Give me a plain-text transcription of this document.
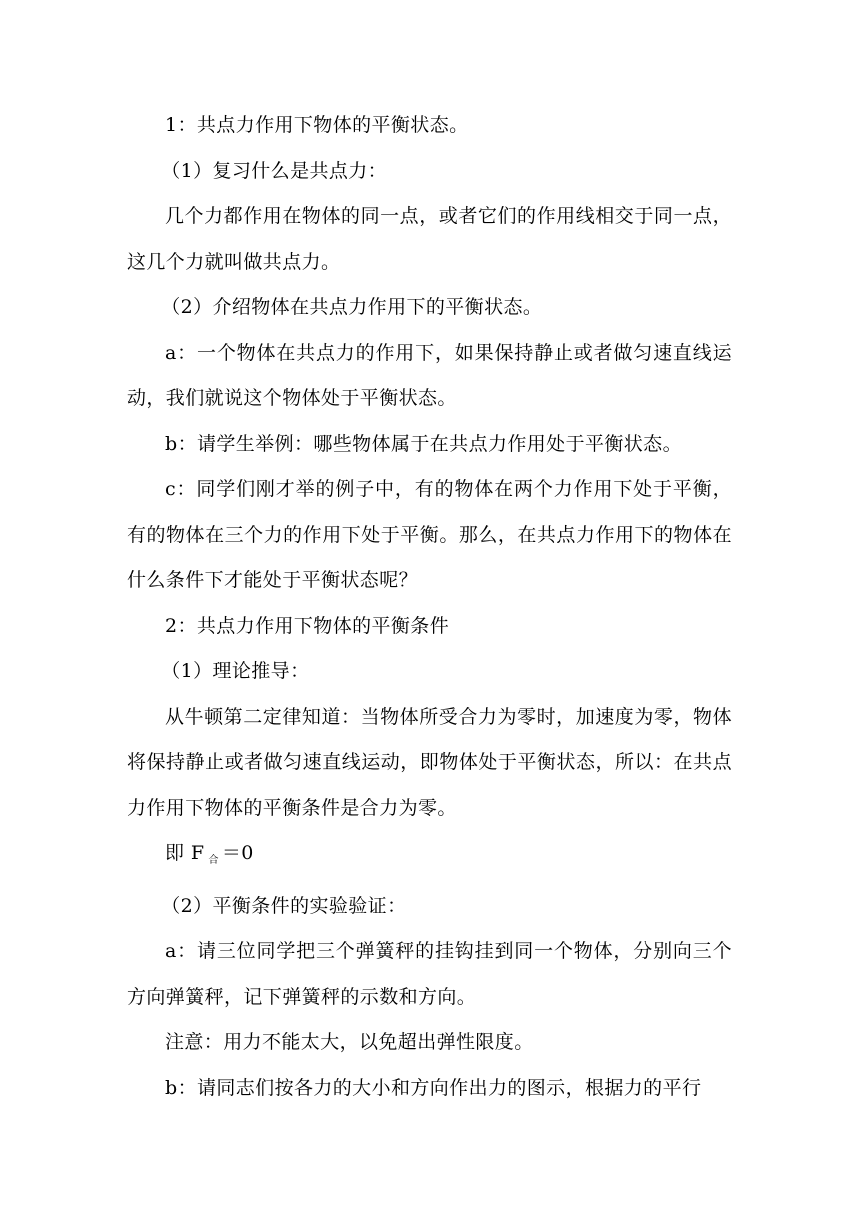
1：共点力作用下物体的平衡状态。

（1）复习什么是共点力：

几个力都作用在物体的同一点，或者它们的作用线相交于同一点，这几个力就叫做共点力。

（2）介绍物体在共点力作用下的平衡状态。

a：一个物体在共点力的作用下，如果保持静止或者做匀速直线运动，我们就说这个物体处于平衡状态。

b：请学生举例：哪些物体属于在共点力作用处于平衡状态。

c：同学们刚才举的例子中，有的物体在两个力作用下处于平衡，有的物体在三个力的作用下处于平衡。那么，在共点力作用下的物体在什么条件下才能处于平衡状态呢？

2：共点力作用下物体的平衡条件

（1）理论推导：

从牛顿第二定律知道：当物体所受合力为零时，加速度为零，物体将保持静止或者做匀速直线运动，即物体处于平衡状态，所以：在共点力作用下物体的平衡条件是合力为零。

即 F $_合$ ＝0

（2）平衡条件的实验验证：

a：请三位同学把三个弹簧秤的挂钩挂到同一个物体，分别向三个方向弹簧秤，记下弹簧秤的示数和方向。

注意：用力不能太大，以免超出弹性限度。

b：请同志们按各力的大小和方向作出力的图示，根据力的平行
